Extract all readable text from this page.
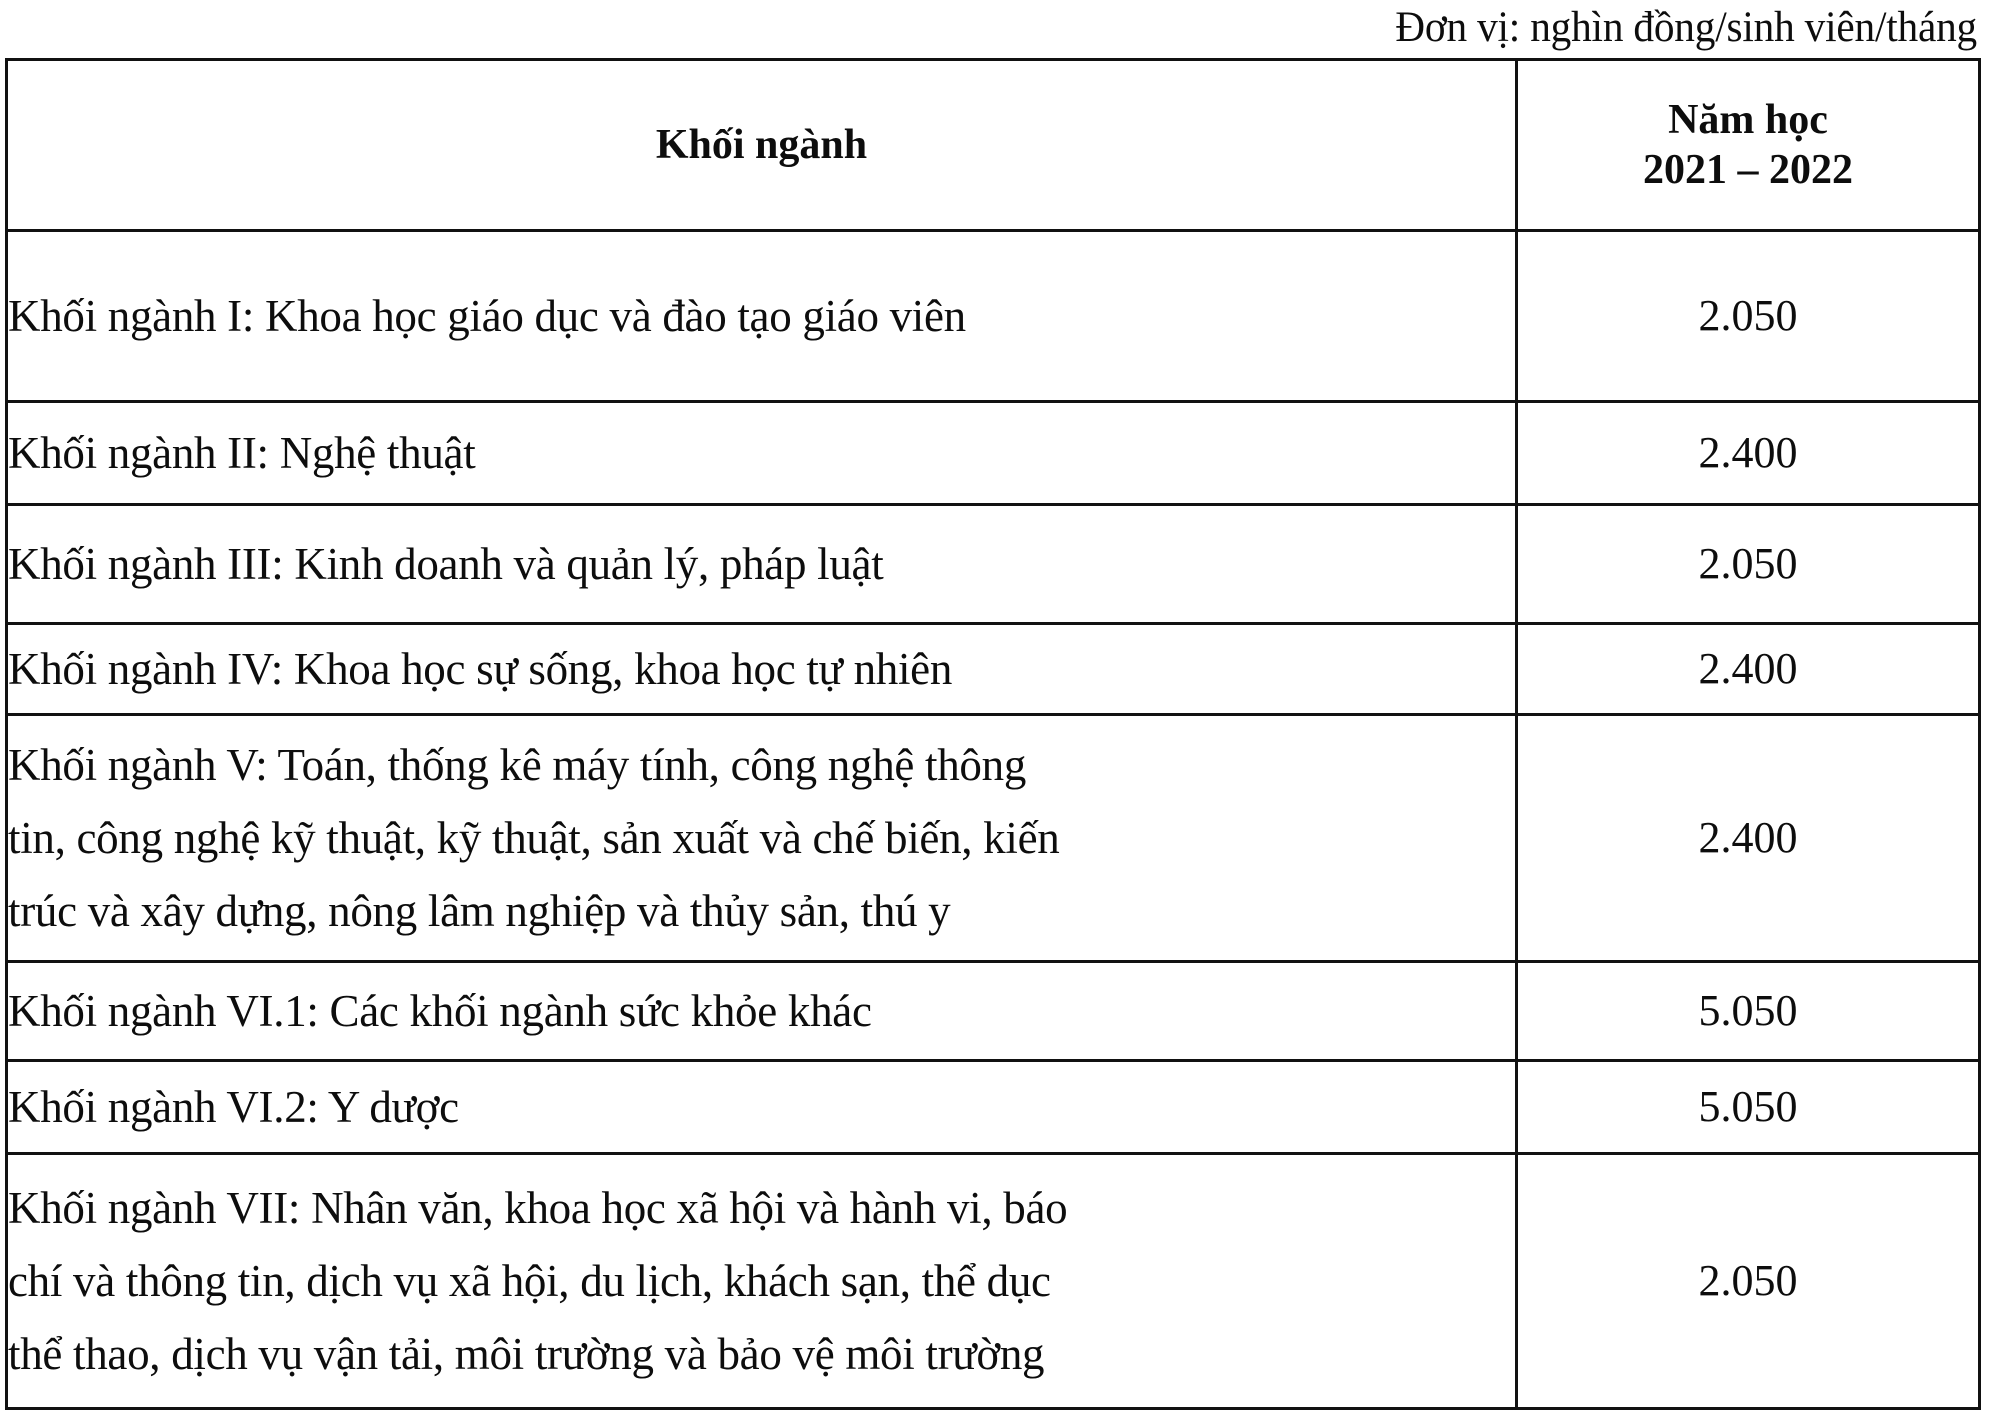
Đơn vị: nghìn đồng/sinh viên/tháng
Khối ngành	Năm học
2021 – 2022

Khối ngành I: Khoa học giáo dục và đào tạo giáo viên	2.050

Khối ngành II: Nghệ thuật	2.400

Khối ngành III: Kinh doanh và quản lý, pháp luật	2.050

Khối ngành IV: Khoa học sự sống, khoa học tự nhiên	2.400

Khối ngành V: Toán, thống kê máy tính, công nghệ thông
tin, công nghệ kỹ thuật, kỹ thuật, sản xuất và chế biến, kiến
trúc và xây dựng, nông lâm nghiệp và thủy sản, thú y	2.400

Khối ngành VI.1: Các khối ngành sức khỏe khác	5.050

Khối ngành VI.2: Y dược	5.050

Khối ngành VII: Nhân văn, khoa học xã hội và hành vi, báo
chí và thông tin, dịch vụ xã hội, du lịch, khách sạn, thể dục
thể thao, dịch vụ vận tải, môi trường và bảo vệ môi trường	2.050
